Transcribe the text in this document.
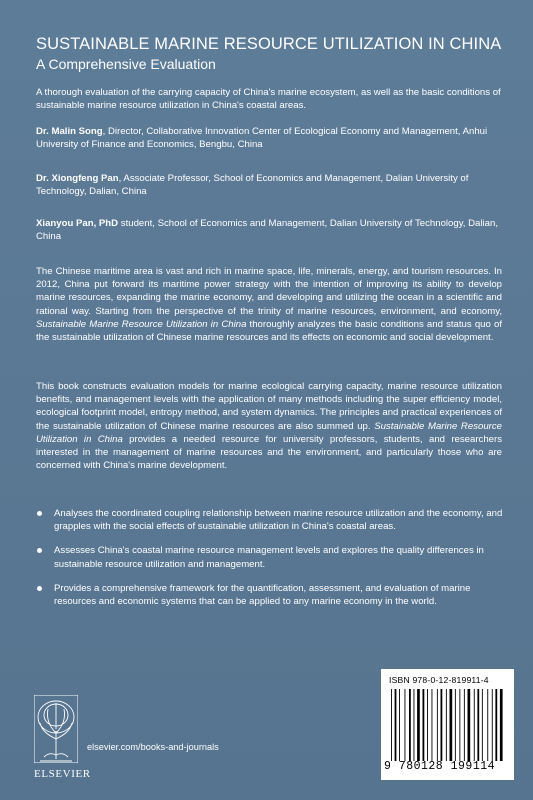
SUSTAINABLE MARINE RESOURCE UTILIZATION IN CHINA
A Comprehensive Evaluation
A thorough evaluation of the carrying capacity of China's marine ecosystem, as well as the basic conditions of sustainable marine resource utilization in China's coastal areas.
Dr. Malin Song, Director, Collaborative Innovation Center of Ecological Economy and Management, Anhui University of Finance and Economics, Bengbu, China
Dr. Xiongfeng Pan, Associate Professor, School of Economics and Management, Dalian University of Technology, Dalian, China
Xianyou Pan, PhD student, School of Economics and Management, Dalian University of Technology, Dalian, China
The Chinese maritime area is vast and rich in marine space, life, minerals, energy, and tourism resources. In 2012, China put forward its maritime power strategy with the intention of improving its ability to develop marine resources, expanding the marine economy, and developing and utilizing the ocean in a scientific and rational way. Starting from the perspective of the trinity of marine resources, environment, and economy, Sustainable Marine Resource Utilization in China thoroughly analyzes the basic conditions and status quo of the sustainable utilization of Chinese marine resources and its effects on economic and social development.
This book constructs evaluation models for marine ecological carrying capacity, marine resource utilization benefits, and management levels with the application of many methods including the super efficiency model, ecological footprint model, entropy method, and system dynamics. The principles and practical experiences of the sustainable utilization of Chinese marine resources are also summed up. Sustainable Marine Resource Utilization in China provides a needed resource for university professors, students, and researchers interested in the management of marine resources and the environment, and particularly those who are concerned with China's marine development.
Analyses the coordinated coupling relationship between marine resource utilization and the economy, and grapples with the social effects of sustainable utilization in China's coastal areas.
Assesses China's coastal marine resource management levels and explores the quality differences in sustainable resource utilization and management.
Provides a comprehensive framework for the quantification, assessment, and evaluation of marine resources and economic systems that can be applied to any marine economy in the world.
ISBN 978-0-12-819911-4
9 780128 199114
ELSEVIER
elsevier.com/books-and-journals
